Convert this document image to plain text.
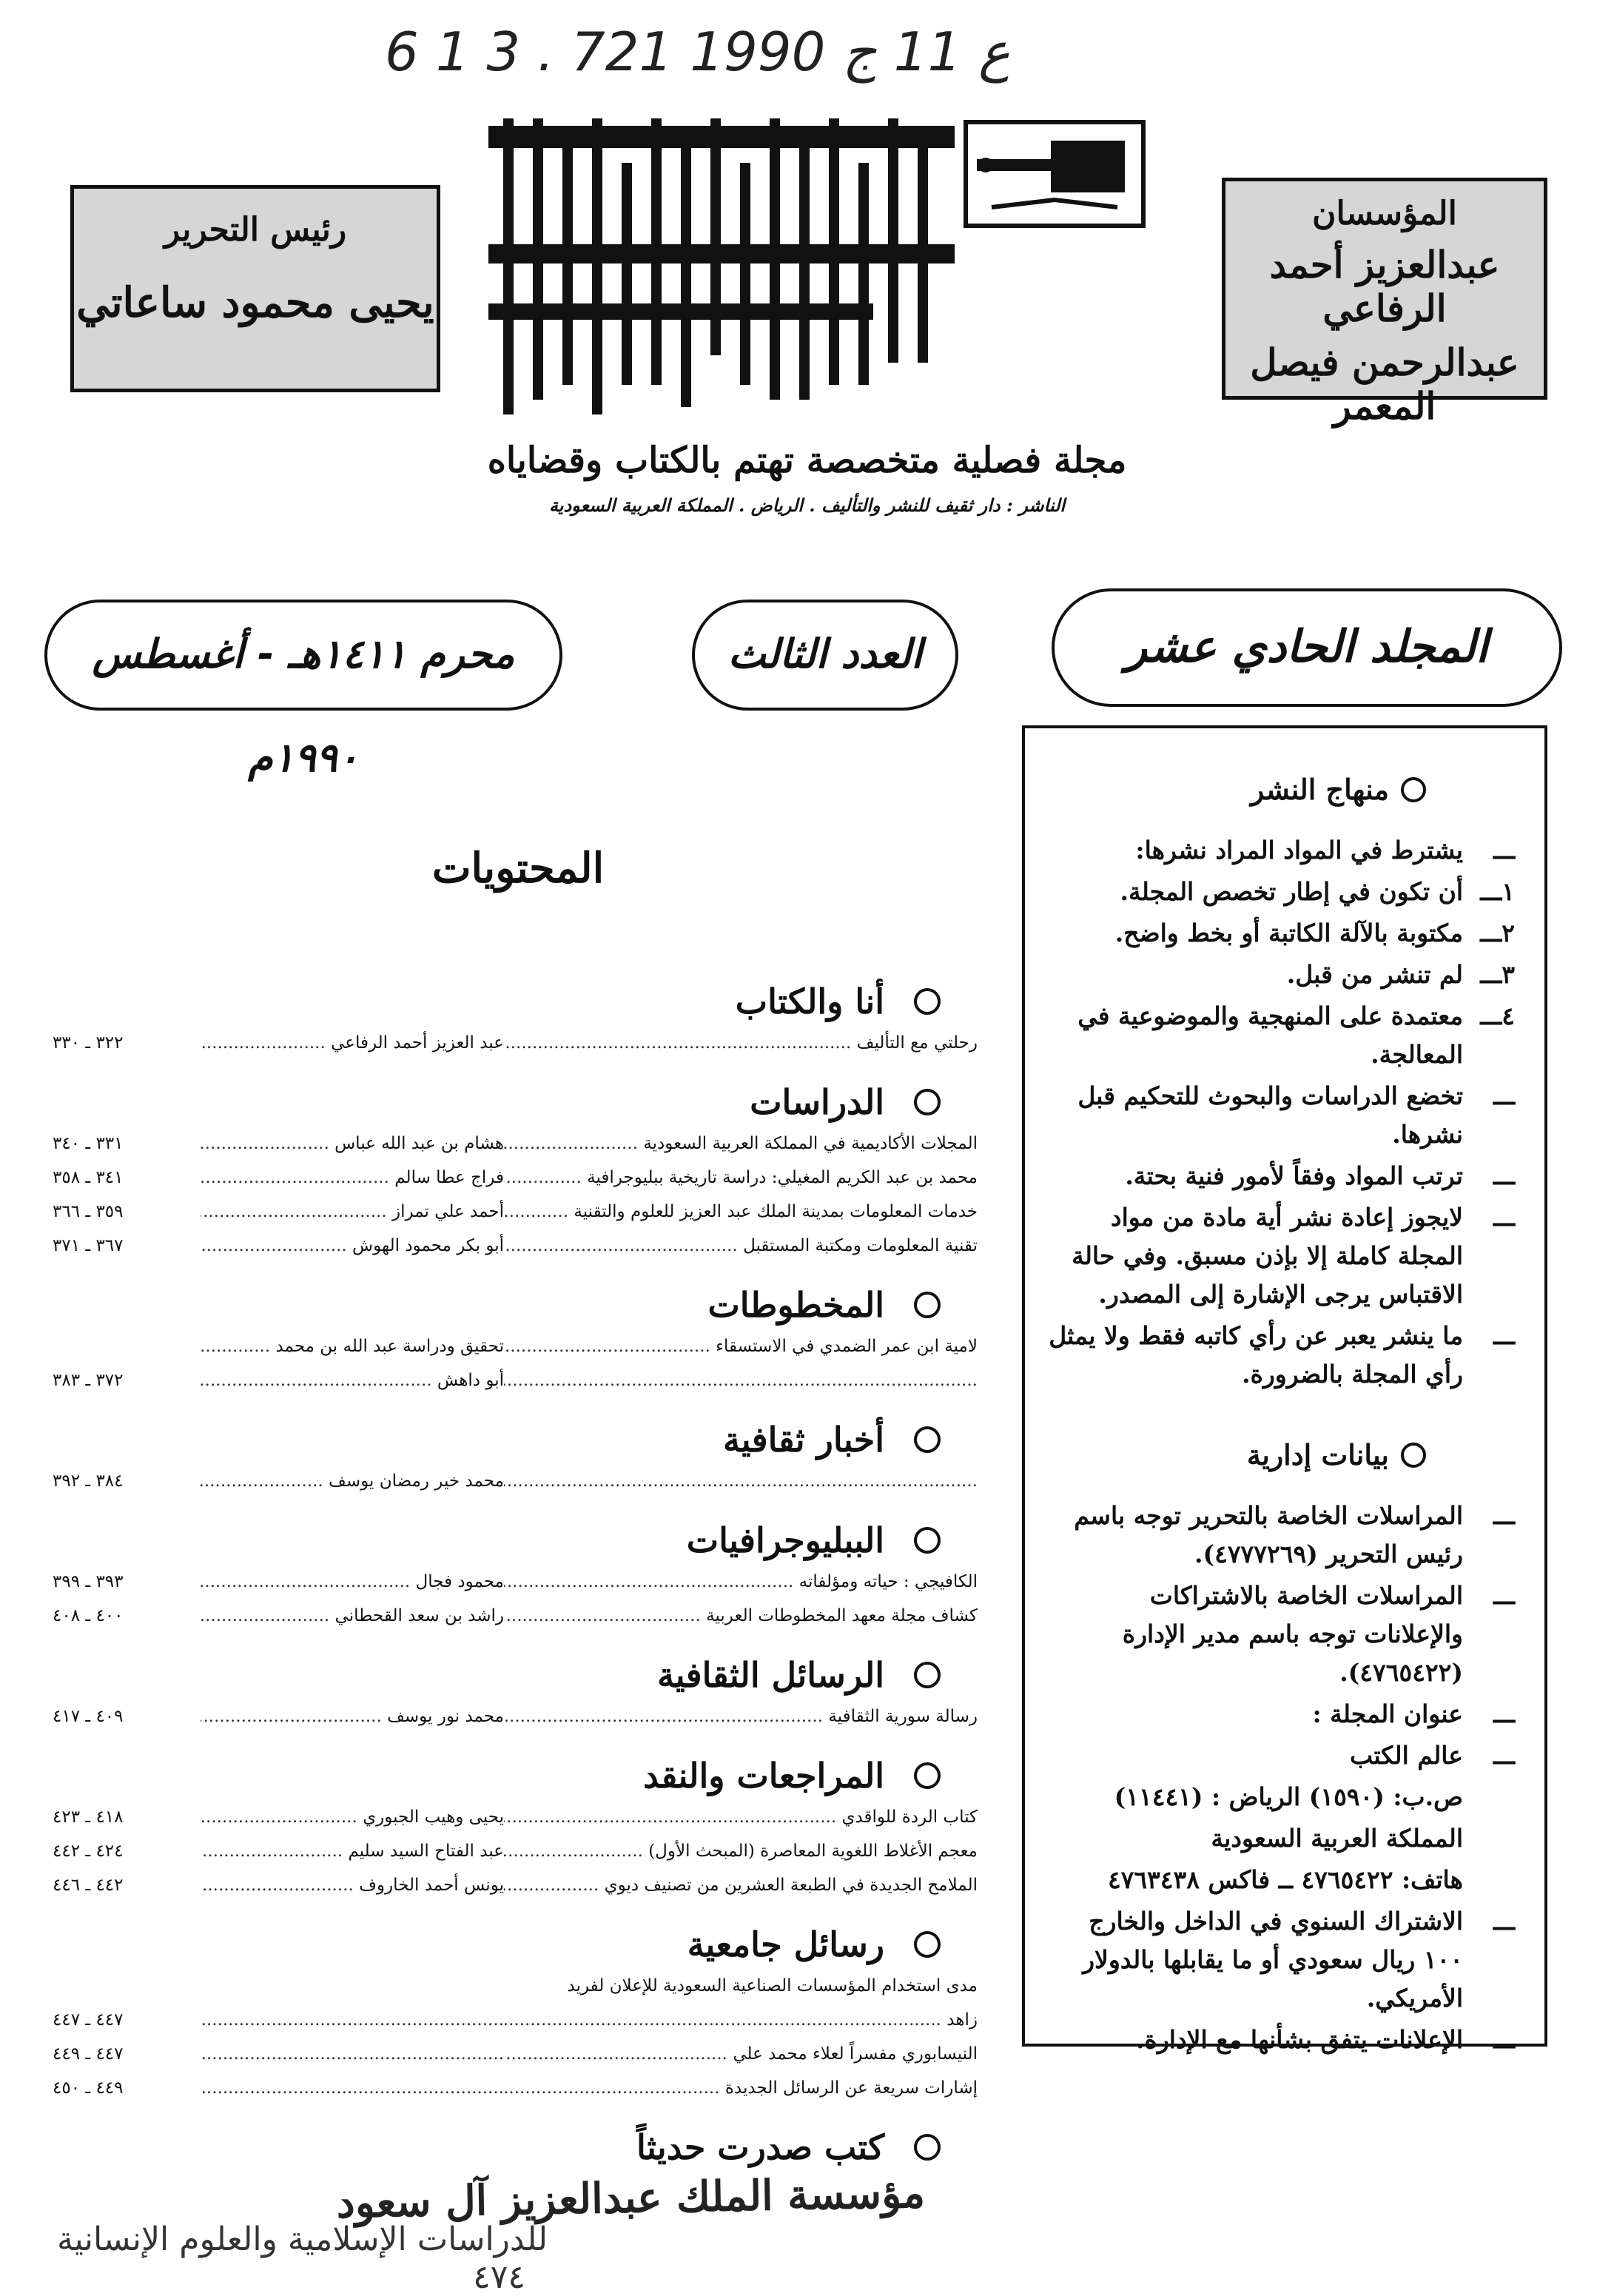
6 1 3 . ع 11 ج 1990 721
المؤسسان
عبدالعزيز أحمد الرفاعي
عبدالرحمن فيصل المعمر
رئيس التحرير
يحيى محمود ساعاتي
عالم الكتب
مجلة فصلية متخصصة تهتم بالكتاب وقضاياه
الناشر : دار ثقيف للنشر والتأليف . الرياض . المملكة العربية السعودية
المجلد الحادي عشر
العدد الثالث
محرم ١٤١١هـ - أغسطس ١٩٩٠م
منهاج النشر
ـــ
يشترط في المواد المراد نشرها:
١ـــ
أن تكون في إطار تخصص المجلة.
٢ـــ
مكتوبة بالآلة الكاتبة أو بخط واضح.
٣ـــ
لم تنشر من قبل.
٤ـــ
معتمدة على المنهجية والموضوعية في المعالجة.
ـــ
تخضع الدراسات والبحوث للتحكيم قبل نشرها.
ـــ
ترتب المواد وفقاً لأمور فنية بحتة.
ـــ
لايجوز إعادة نشر أية مادة من مواد المجلة كاملة إلا بإذن مسبق. وفي حالة الاقتباس يرجى الإشارة إلى المصدر.
ـــ
ما ينشر يعبر عن رأي كاتبه فقط ولا يمثل رأي المجلة بالضرورة.
بيانات إدارية
ـــ
المراسلات الخاصة بالتحرير توجه باسم رئيس التحرير (٤٧٧٧٢٦٩).
ـــ
المراسلات الخاصة بالاشتراكات والإعلانات توجه باسم مدير الإدارة (٤٧٦٥٤٢٢).
ـــ
عنوان المجلة :
ـــ
عالم الكتب
ص.ب: (١٥٩٠) الرياض : (١١٤٤١)
المملكة العربية السعودية
هاتف: ٤٧٦٥٤٢٢ ــ فاكس ٤٧٦٣٤٣٨
ـــ
الاشتراك السنوي في الداخل والخارج ١٠٠ ريال سعودي أو ما يقابلها بالدولار الأمريكي.
ـــ
الإعلانات يتفق بشأنها مع الإدارة.
المحتويات
أنا والكتاب
رحلتي مع التأليف .....
عبد العزيز أحمد الرفاعي .....
٣٢٢ ـ ٣٣٠
الدراسات
المجلات الأكاديمية في المملكة العربية السعودية .....
هشام بن عبد الله عباس .....
٣٣١ ـ ٣٤٠
محمد بن عبد الكريم المغيلي: دراسة تاريخية ببليوجرافية .....
فراج عطا سالم .....
٣٤١ ـ ٣٥٨
خدمات المعلومات بمدينة الملك عبد العزيز للعلوم والتقنية .....
أحمد علي تمراز .....
٣٥٩ ـ ٣٦٦
تقنية المعلومات ومكتبة المستقبل .....
أبو بكر محمود الهوش .....
٣٦٧ ـ ٣٧١
المخطوطات
لامية ابن عمر الضمدي في الاستسقاء .....
تحقيق ودراسة عبد الله بن محمد .....
.....
أبو داهش .....
٣٧٢ ـ ٣٨٣
أخبار ثقافية
.....
محمد خير رمضان يوسف .....
٣٨٤ ـ ٣٩٢
الببليوجرافيات
الكافيجي : حياته ومؤلفاته .....
محمود فجال .....
٣٩٣ ـ ٣٩٩
كشاف مجلة معهد المخطوطات العربية .....
راشد بن سعد القحطاني .....
٤٠٠ ـ ٤٠٨
الرسائل الثقافية
رسالة سورية الثقافية .....
محمد نور يوسف .....
٤٠٩ ـ ٤١٧
المراجعات والنقد
كتاب الردة للواقدي .....
يحيى وهيب الجبوري .....
٤١٨ ـ ٤٢٣
معجم الأغلاط اللغوية المعاصرة (المبحث الأول) .....
عبد الفتاح السيد سليم .....
٤٢٤ ـ ٤٤٢
الملامح الجديدة في الطبعة العشرين من تصنيف ديوي .....
يونس أحمد الخاروف .....
٤٤٢ ـ ٤٤٦
رسائل جامعية
مدى استخدام المؤسسات الصناعية السعودية للإعلان لفريد
زاهد .....
.....
٤٤٧ ـ ٤٤٧
النيسابوري مفسراً لعلاء محمد علي .....
.....
٤٤٧ ـ ٤٤٩
إشارات سريعة عن الرسائل الجديدة .....
.....
٤٤٩ ـ ٤٥٠
كتب صدرت حديثاً
مؤسسة الملك عبدالعزيز آل سعود
للدراسات الإسلامية والعلوم الإنسانية ٤٧٤
